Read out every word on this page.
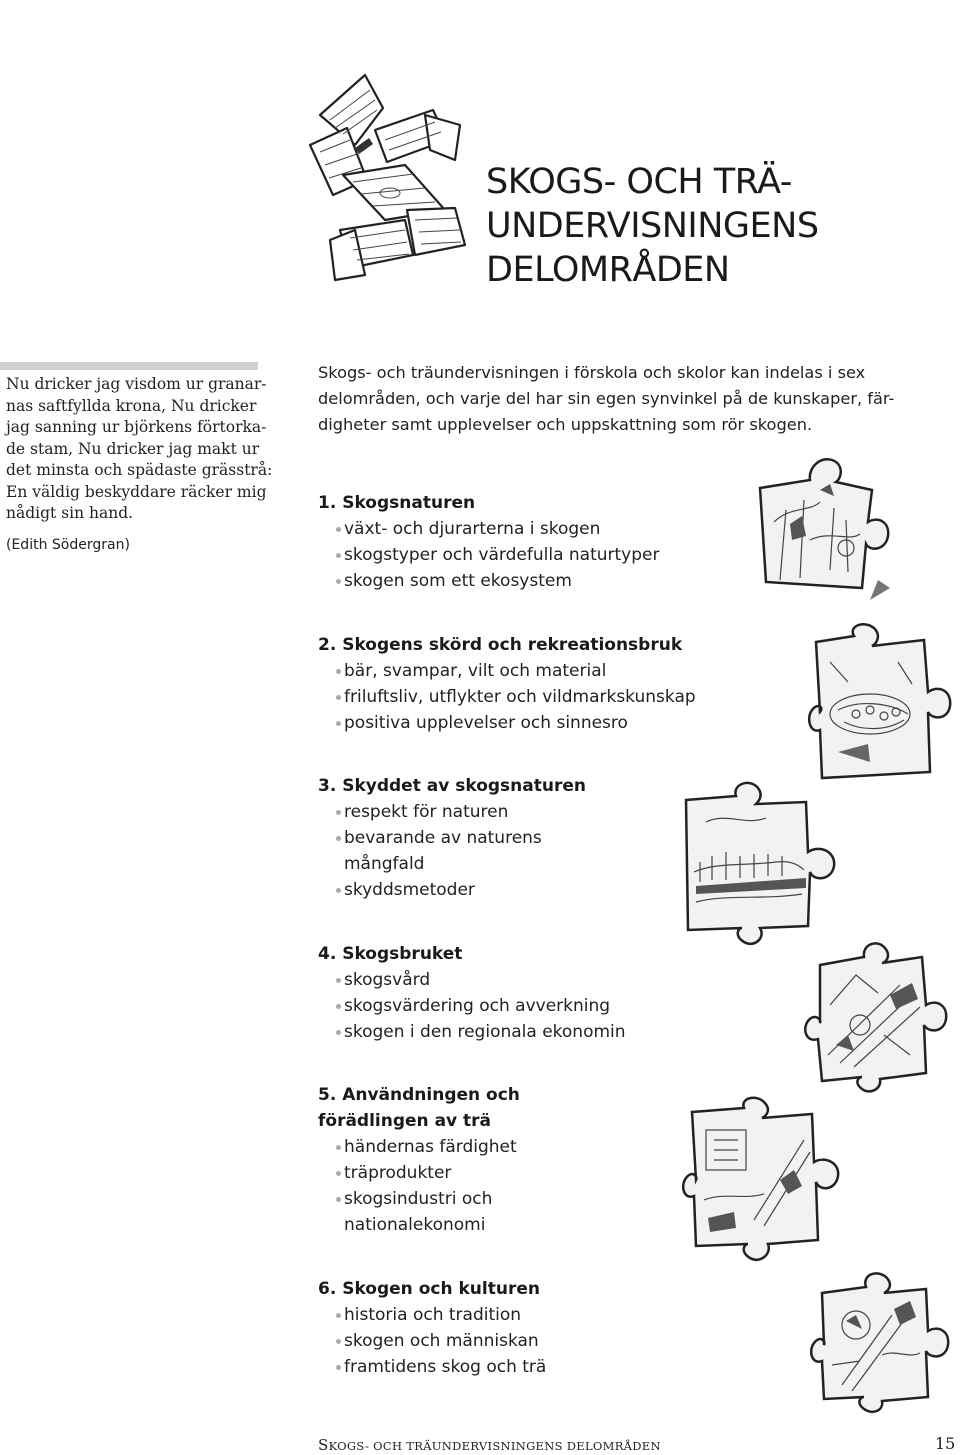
SKOGS- OCH TRÄ-
UNDERVISNINGENS
DELOMRÅDEN
Nu dricker jag visdom ur granar-
nas saftfyllda krona, Nu dricker
jag sanning ur björkens förtorka-
de stam, Nu dricker jag makt ur
det minsta och spädaste grässtrå:
En väldig beskyddare räcker mig
nådigt sin hand.
(Edith Södergran)
Skogs- och träundervisningen i förskola och skolor kan indelas i sex
delområden, och varje del har sin egen synvinkel på de kunskaper, fär-
digheter samt upplevelser och uppskattning som rör skogen.
1. Skogsnaturen
växt- och djurarterna i skogen
skogstyper och värdefulla naturtyper
skogen som ett ekosystem
2. Skogens skörd och rekreationsbruk
bär, svampar, vilt och material
friluftsliv, utflykter och vildmarkskunskap
positiva upplevelser och sinnesro
3. Skyddet av skogsnaturen
respekt för naturen
bevarande av naturens
mångfald
skyddsmetoder
4. Skogsbruket
skogsvård
skogsvärdering och avverkning
skogen i den regionala ekonomin
5. Användningen och
förädlingen av trä
händernas färdighet
träprodukter
skogsindustri och
nationalekonomi
6. Skogen och kulturen
historia och tradition
skogen och människan
framtidens skog och trä
SKOGS- OCH TRÄUNDERVISNINGENS DELOMRÅDEN	15
